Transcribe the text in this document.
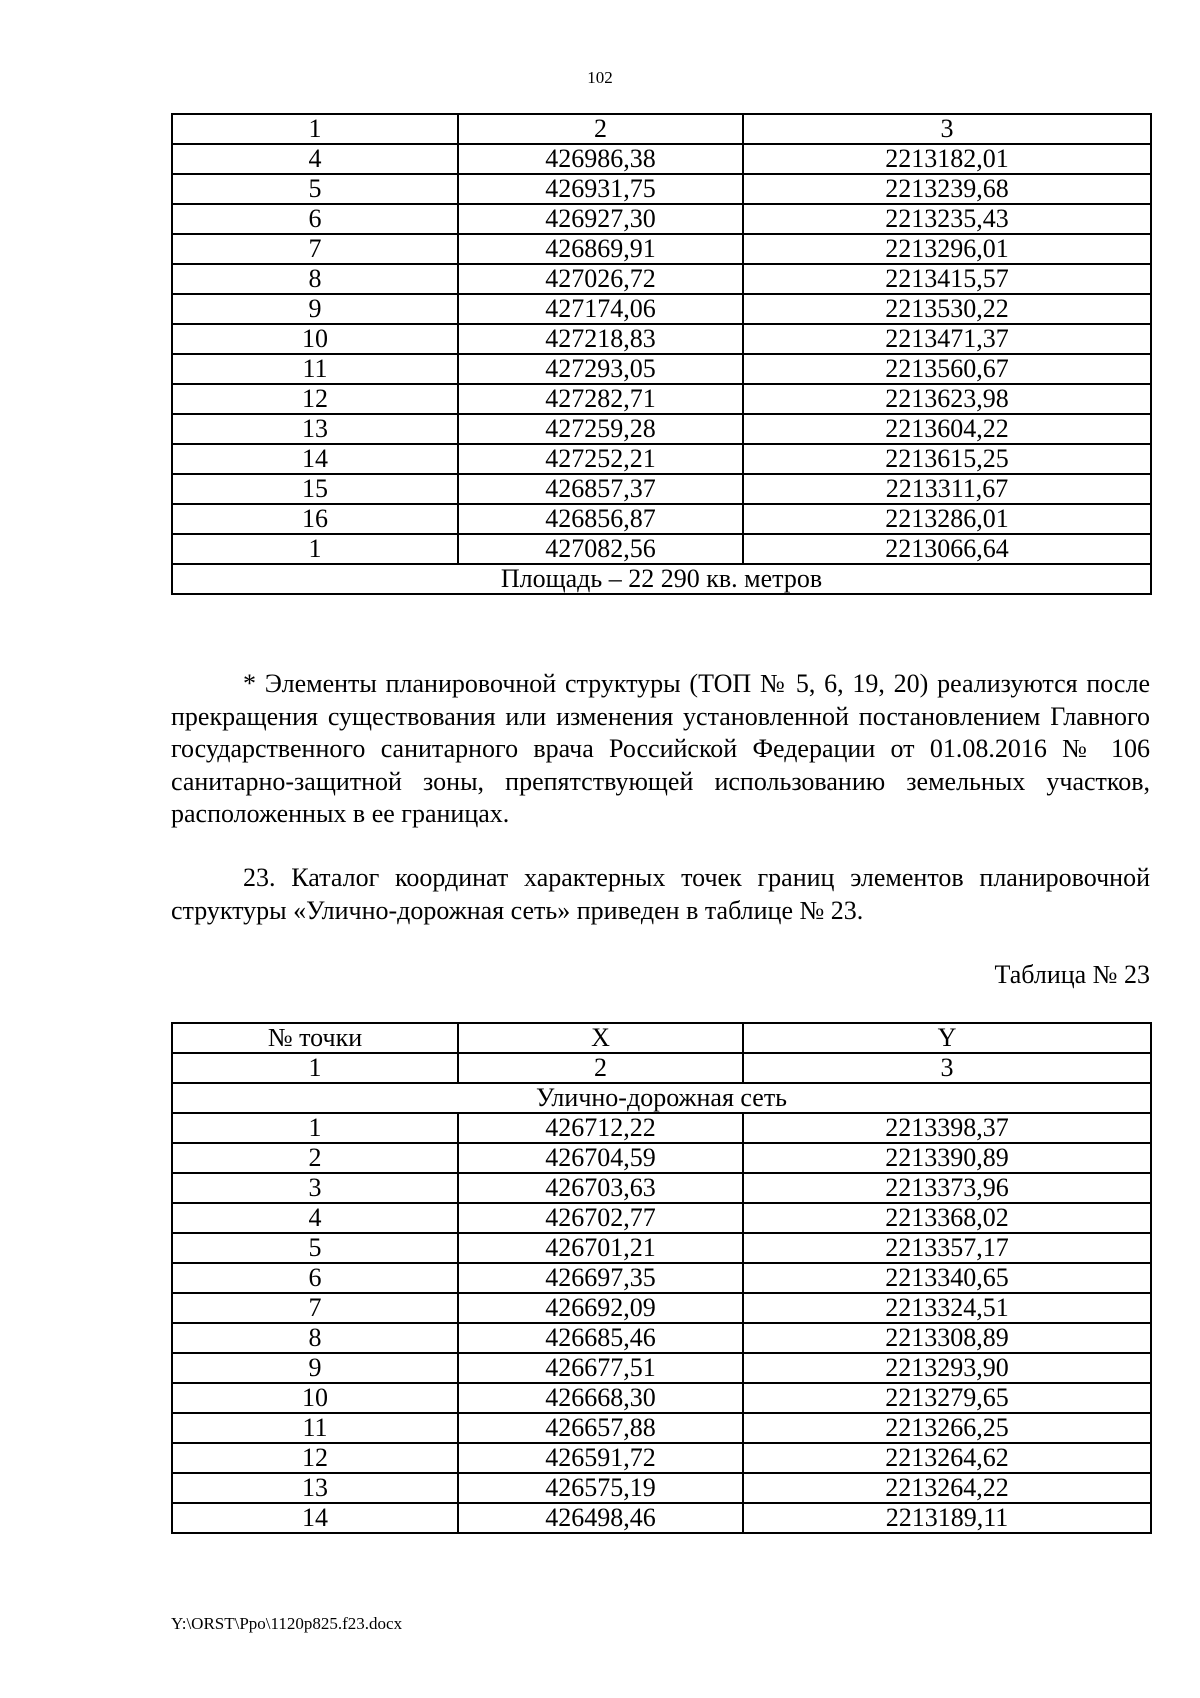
102
1	2	3
4	426986,38	2213182,01
5	426931,75	2213239,68
6	426927,30	2213235,43
7	426869,91	2213296,01
8	427026,72	2213415,57
9	427174,06	2213530,22
10	427218,83	2213471,37
11	427293,05	2213560,67
12	427282,71	2213623,98
13	427259,28	2213604,22
14	427252,21	2213615,25
15	426857,37	2213311,67
16	426856,87	2213286,01
1	427082,56	2213066,64
Площадь – 22 290 кв. метров		
* Элементы планировочной структуры (ТОП № 5, 6, 19, 20) реализуются после прекращения существования или изменения установленной постановлением Главного государственного санитарного врача Российской Федерации от 01.08.2016 № 106 санитарно-защитной зоны, препятствующей использованию земельных участков, расположенных в ее границах.
23. Каталог координат характерных точек границ элементов планировочной структуры «Улично-дорожная сеть» приведен в таблице № 23.
Таблица № 23
№ точки	X	Y
1	2	3
Улично-дорожная сеть		
1	426712,22	2213398,37
2	426704,59	2213390,89
3	426703,63	2213373,96
4	426702,77	2213368,02
5	426701,21	2213357,17
6	426697,35	2213340,65
7	426692,09	2213324,51
8	426685,46	2213308,89
9	426677,51	2213293,90
10	426668,30	2213279,65
11	426657,88	2213266,25
12	426591,72	2213264,62
13	426575,19	2213264,22
14	426498,46	2213189,11
Y:\ORST\Ppo\1120p825.f23.docx
